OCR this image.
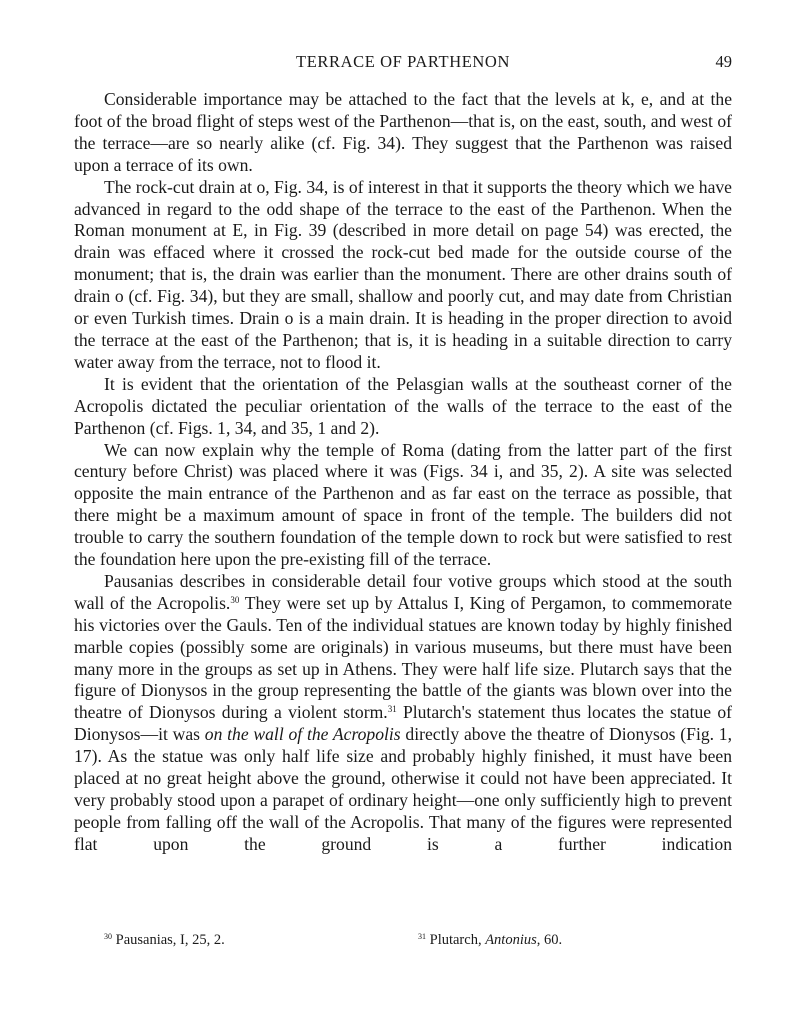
TERRACE OF PARTHENON	49

Considerable importance may be attached to the fact that the levels at k, e, and at the foot of the broad flight of steps west of the Parthenon—that is, on the east, south, and west of the terrace—are so nearly alike (cf. Fig. 34). They suggest that the Parthenon was raised upon a terrace of its own.

The rock-cut drain at o, Fig. 34, is of interest in that it supports the theory which we have advanced in regard to the odd shape of the terrace to the east of the Parthenon. When the Roman monument at E, in Fig. 39 (described in more detail on page 54) was erected, the drain was effaced where it crossed the rock-cut bed made for the outside course of the monument; that is, the drain was earlier than the monument. There are other drains south of drain o (cf. Fig. 34), but they are small, shallow and poorly cut, and may date from Christian or even Turkish times. Drain o is a main drain. It is heading in the proper direction to avoid the terrace at the east of the Parthenon; that is, it is heading in a suitable direction to carry water away from the terrace, not to flood it.

It is evident that the orientation of the Pelasgian walls at the southeast corner of the Acropolis dictated the peculiar orientation of the walls of the terrace to the east of the Parthenon (cf. Figs. 1, 34, and 35, 1 and 2).

We can now explain why the temple of Roma (dating from the latter part of the first century before Christ) was placed where it was (Figs. 34 i, and 35, 2). A site was selected opposite the main entrance of the Parthenon and as far east on the terrace as possible, that there might be a maximum amount of space in front of the temple. The builders did not trouble to carry the southern foundation of the temple down to rock but were satisfied to rest the foundation here upon the pre-existing fill of the terrace.

Pausanias describes in considerable detail four votive groups which stood at the south wall of the Acropolis.$^{30}$ They were set up by Attalus I, King of Pergamon, to commemorate his victories over the Gauls. Ten of the individual statues are known today by highly finished marble copies (possibly some are originals) in various museums, but there must have been many more in the groups as set up in Athens. They were half life size. Plutarch says that the figure of Dionysos in the group representing the battle of the giants was blown over into the theatre of Dionysos during a violent storm.$^{31}$ Plutarch's statement thus locates the statue of Dionysos—it was on the wall of the Acropolis directly above the theatre of Dionysos (Fig. 1, 17). As the statue was only half life size and probably highly finished, it must have been placed at no great height above the ground, otherwise it could not have been appreciated. It very probably stood upon a parapet of ordinary height—one only sufficiently high to prevent people from falling off the wall of the Acropolis. That many of the figures were represented flat upon the ground is a further indication

$^{30}$ Pausanias, I, 25, 2.	$^{31}$ Plutarch, Antonius, 60.
